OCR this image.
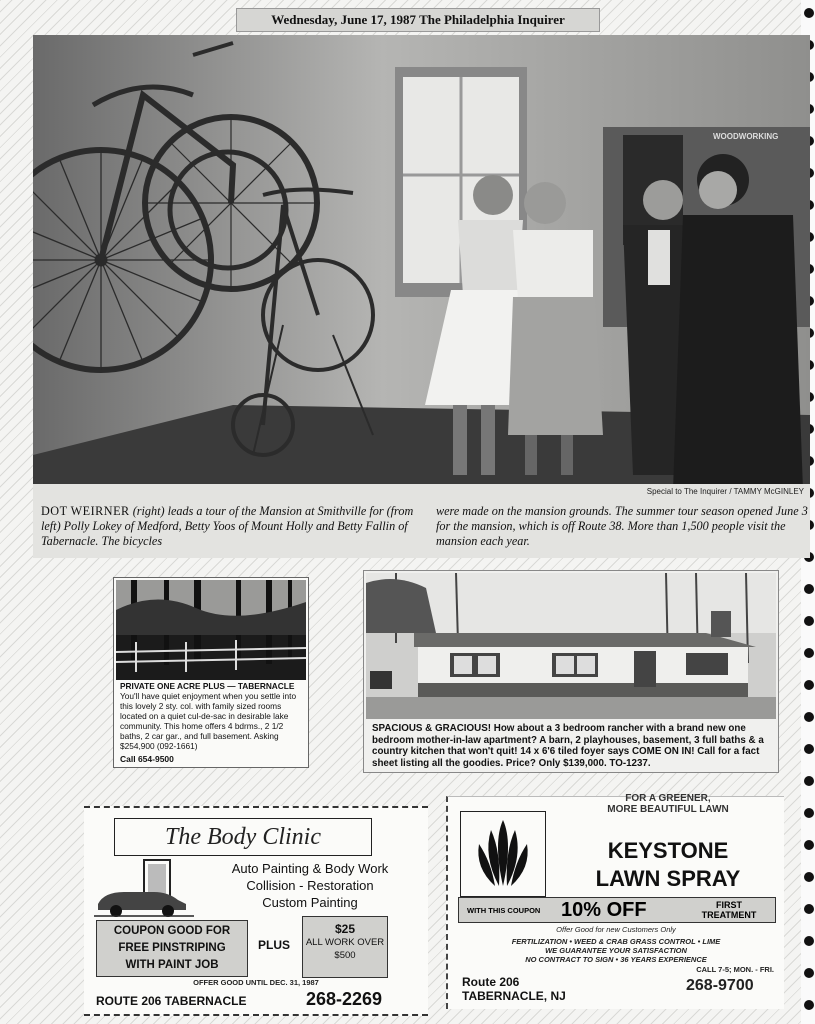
Wednesday, June 17, 1987 The Philadelphia Inquirer
WOODWORKING
Special to The Inquirer / TAMMY McGINLEY

DOT WEIRNER (right) leads a tour of the Mansion at Smithville for (from left) Polly Lokey of Medford, Betty Yoos of Mount Holly and Betty Fallin of Tabernacle. The bicycles

were made on the mansion grounds. The summer tour season opened June 3 for the mansion, which is off Route 38. More than 1,500 people visit the mansion each year.

PRIVATE ONE ACRE PLUS — TABERNACLE You'll have quiet enjoyment when you settle into this lovely 2 sty. col. with family sized rooms located on a quiet cul-de-sac in desirable lake community. This home offers 4 bdrms., 2 1/2 baths, 2 car gar., and full basement. Asking $254,900 (092-1661)
Call 654-9500
SPACIOUS & GRACIOUS! How about a 3 bedroom rancher with a brand new one bedroom mother-in-law apartment? A barn, 2 playhouses, basement, 3 full baths & a country kitchen that won't quit! 14 x 6'6 tiled foyer says COME ON IN! Call for a fact sheet listing all the goodies. Price? Only $139,000. TO-1237.
The Body Clinic
Auto Painting & Body Work
Collision - Restoration
Custom Painting
COUPON GOOD FOR
FREE PINSTRIPING
WITH PAINT JOB
PLUS
$25
ALL WORK OVER
$500
OFFER GOOD UNTIL DEC. 31, 1987
ROUTE 206 TABERNACLE	268-2269
FOR A GREENER,
MORE BEAUTIFUL LAWN
KEYSTONE
LAWN SPRAY
WITH THIS COUPON 10% OFF	FIRST TREATMENT
Offer Good for new Customers Only
FERTILIZATION • WEED & CRAB GRASS CONTROL • LIME
WE GUARANTEE YOUR SATISFACTION
NO CONTRACT TO SIGN • 36 YEARS EXPERIENCE
CALL 7-5; MON. - FRI.
Route 206
TABERNACLE, NJ
268-9700
